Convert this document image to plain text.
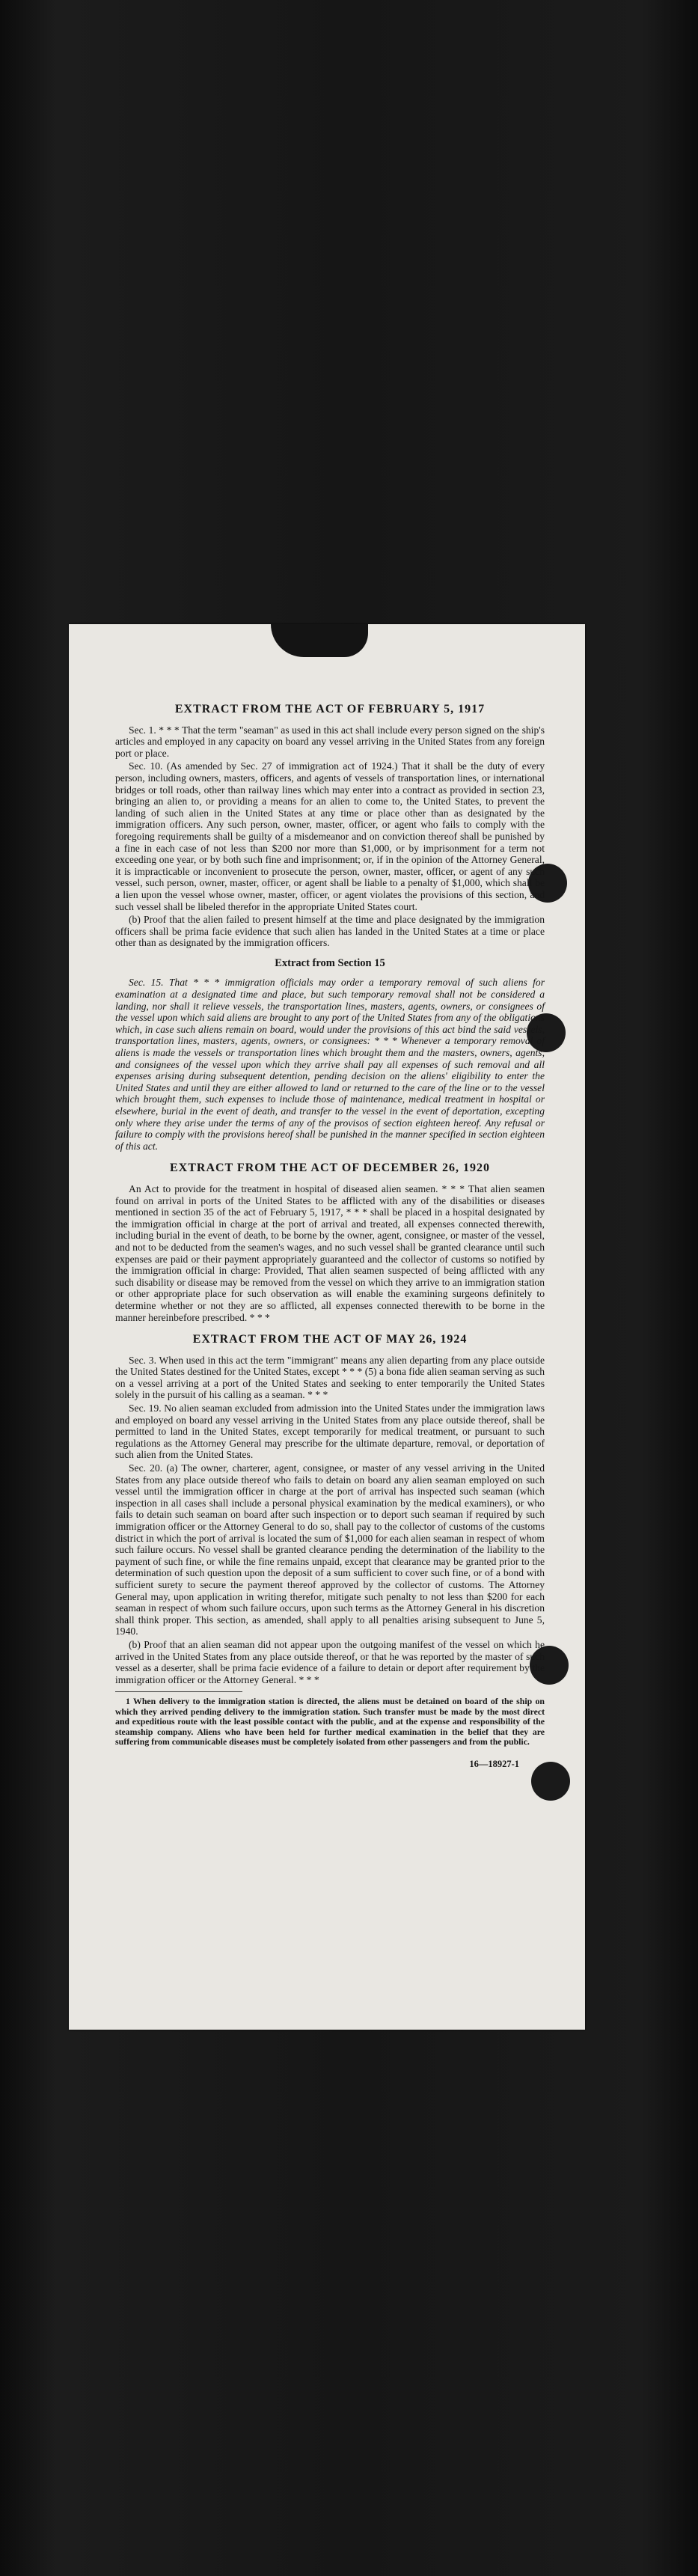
EXTRACT FROM THE ACT OF FEBRUARY 5, 1917

Sec. 1. * * * That the term "seaman" as used in this act shall include every person signed on the ship's articles and employed in any capacity on board any vessel arriving in the United States from any foreign port or place.

Sec. 10. (As amended by Sec. 27 of immigration act of 1924.) That it shall be the duty of every person, including owners, masters, officers, and agents of vessels of transportation lines, or international bridges or toll roads, other than railway lines which may enter into a contract as provided in section 23, bringing an alien to, or providing a means for an alien to come to, the United States, to prevent the landing of such alien in the United States at any time or place other than as designated by the immigration officers. Any such person, owner, master, officer, or agent who fails to comply with the foregoing requirements shall be guilty of a misdemeanor and on conviction thereof shall be punished by a fine in each case of not less than $200 nor more than $1,000, or by imprisonment for a term not exceeding one year, or by both such fine and imprisonment; or, if in the opinion of the Attorney General, it is impracticable or inconvenient to prosecute the person, owner, master, officer, or agent of any such vessel, such person, owner, master, officer, or agent shall be liable to a penalty of $1,000, which shall be a lien upon the vessel whose owner, master, officer, or agent violates the provisions of this section, and such vessel shall be libeled therefor in the appropriate United States court.

(b) Proof that the alien failed to present himself at the time and place designated by the immigration officers shall be prima facie evidence that such alien has landed in the United States at a time or place other than as designated by the immigration officers.

Extract from Section 15

Sec. 15. That * * * immigration officials may order a temporary removal of such aliens for examination at a designated time and place, but such temporary removal shall not be considered a landing, nor shall it relieve vessels, the transportation lines, masters, agents, owners, or consignees of the vessel upon which said aliens are brought to any port of the United States from any of the obligations which, in case such aliens remain on board, would under the provisions of this act bind the said vessels, transportation lines, masters, agents, owners, or consignees: * * * Whenever a temporary removal of aliens is made the vessels or transportation lines which brought them and the masters, owners, agents, and consignees of the vessel upon which they arrive shall pay all expenses of such removal and all expenses arising during subsequent detention, pending decision on the aliens' eligibility to enter the United States and until they are either allowed to land or returned to the care of the line or to the vessel which brought them, such expenses to include those of maintenance, medical treatment in hospital or elsewhere, burial in the event of death, and transfer to the vessel in the event of deportation, excepting only where they arise under the terms of any of the provisos of section eighteen hereof. Any refusal or failure to comply with the provisions hereof shall be punished in the manner specified in section eighteen of this act.

EXTRACT FROM THE ACT OF DECEMBER 26, 1920

An Act to provide for the treatment in hospital of diseased alien seamen. * * * That alien seamen found on arrival in ports of the United States to be afflicted with any of the disabilities or diseases mentioned in section 35 of the act of February 5, 1917, * * * shall be placed in a hospital designated by the immigration official in charge at the port of arrival and treated, all expenses connected therewith, including burial in the event of death, to be borne by the owner, agent, consignee, or master of the vessel, and not to be deducted from the seamen's wages, and no such vessel shall be granted clearance until such expenses are paid or their payment appropriately guaranteed and the collector of customs so notified by the immigration official in charge: Provided, That alien seamen suspected of being afflicted with any such disability or disease may be removed from the vessel on which they arrive to an immigration station or other appropriate place for such observation as will enable the examining surgeons definitely to determine whether or not they are so afflicted, all expenses connected therewith to be borne in the manner hereinbefore prescribed. * * *

EXTRACT FROM THE ACT OF MAY 26, 1924

Sec. 3. When used in this act the term "immigrant" means any alien departing from any place outside the United States destined for the United States, except * * * (5) a bona fide alien seaman serving as such on a vessel arriving at a port of the United States and seeking to enter temporarily the United States solely in the pursuit of his calling as a seaman. * * *

Sec. 19. No alien seaman excluded from admission into the United States under the immigration laws and employed on board any vessel arriving in the United States from any place outside thereof, shall be permitted to land in the United States, except temporarily for medical treatment, or pursuant to such regulations as the Attorney General may prescribe for the ultimate departure, removal, or deportation of such alien from the United States.

Sec. 20. (a) The owner, charterer, agent, consignee, or master of any vessel arriving in the United States from any place outside thereof who fails to detain on board any alien seaman employed on such vessel until the immigration officer in charge at the port of arrival has inspected such seaman (which inspection in all cases shall include a personal physical examination by the medical examiners), or who fails to detain such seaman on board after such inspection or to deport such seaman if required by such immigration officer or the Attorney General to do so, shall pay to the collector of customs of the customs district in which the port of arrival is located the sum of $1,000 for each alien seaman in respect of whom such failure occurs. No vessel shall be granted clearance pending the determination of the liability to the payment of such fine, or while the fine remains unpaid, except that clearance may be granted prior to the determination of such question upon the deposit of a sum sufficient to cover such fine, or of a bond with sufficient surety to secure the payment thereof approved by the collector of customs. The Attorney General may, upon application in writing therefor, mitigate such penalty to not less than $200 for each seaman in respect of whom such failure occurs, upon such terms as the Attorney General in his discretion shall think proper. This section, as amended, shall apply to all penalties arising subsequent to June 5, 1940.

(b) Proof that an alien seaman did not appear upon the outgoing manifest of the vessel on which he arrived in the United States from any place outside thereof, or that he was reported by the master of such vessel as a deserter, shall be prima facie evidence of a failure to detain or deport after requirement by the immigration officer or the Attorney General. * * *

1 When delivery to the immigration station is directed, the aliens must be detained on board of the ship on which they arrived pending delivery to the immigration station. Such transfer must be made by the most direct and expeditious route with the least possible contact with the public, and at the expense and responsibility of the steamship company. Aliens who have been held for further medical examination in the belief that they are suffering from communicable diseases must be completely isolated from other passengers and from the public.

16—18927-1
